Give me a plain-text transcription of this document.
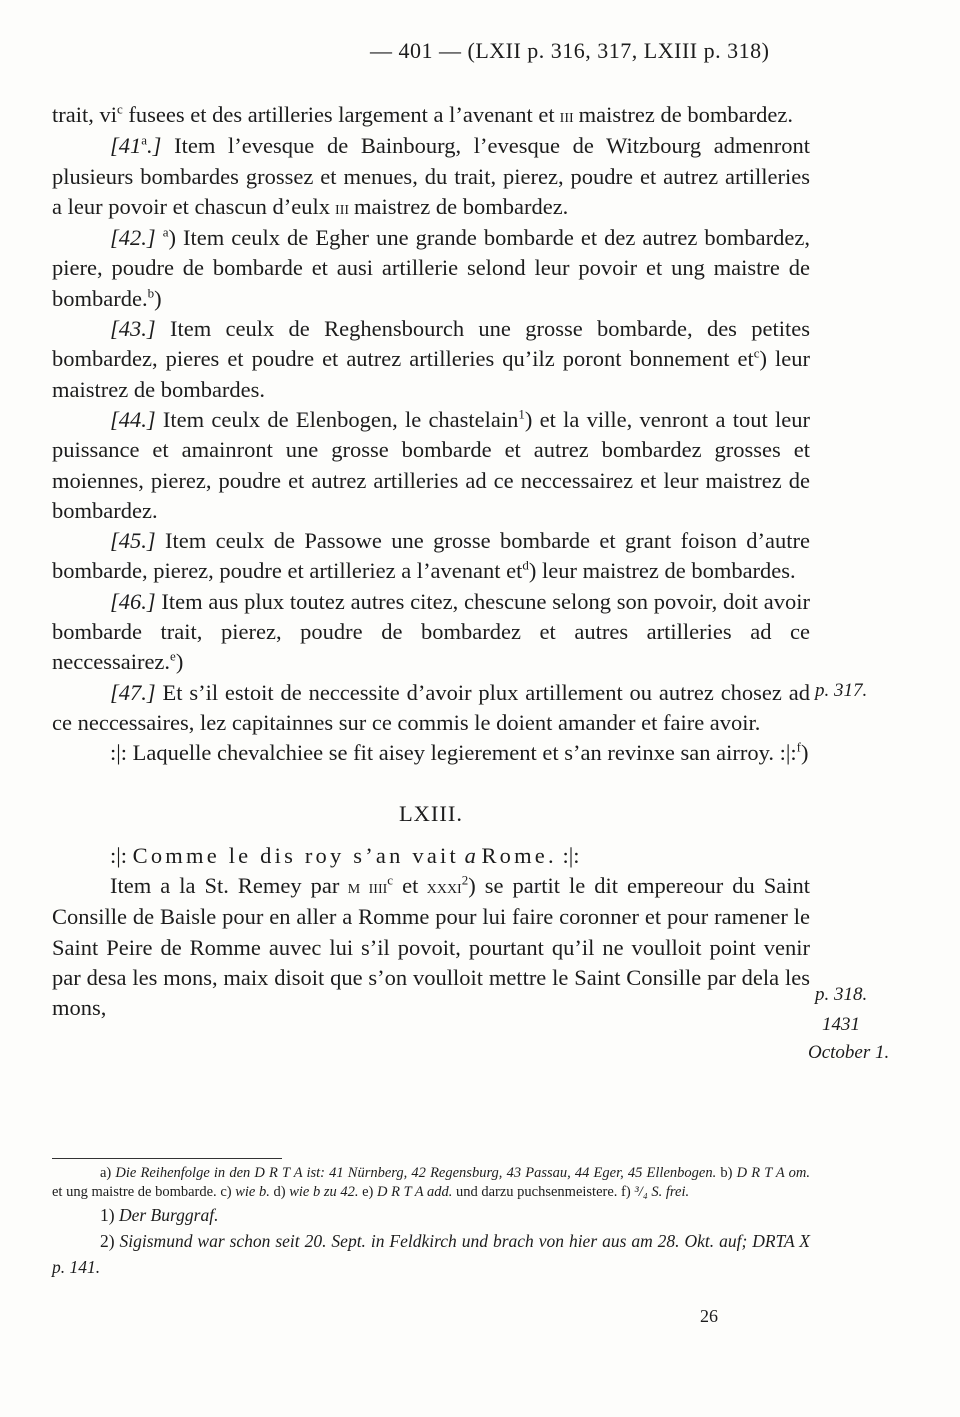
— 401 — (LXII p. 316, 317, LXIII p. 318)

trait, $vi^c$ fusees et des artilleries largement a l’avenant et iii maistrez de bombardez.

[41$^a$.] Item l’evesque de Bainbourg, l’evesque de Witzbourg admenront plusieurs bombardes grossez et menues, du trait, pierez, poudre et autrez artilleries a leur povoir et chascun d’eulx iii maistrez de bombardez.

[42.] $^a$) Item ceulx de Egher une grande bombarde et dez autrez bombardez, piere, poudre de bombarde et ausi artillerie selond leur povoir et ung maistre de bombarde.$^b$)

[43.] Item ceulx de Reghensbourch une grosse bombarde, des petites bombardez, pieres et poudre et autrez artilleries qu’ilz poront bonnement $et^c$) leur maistrez de bombardes.

[44.] Item ceulx de Elenbogen, le chastelain$^1$) et la ville, venront a tout leur puissance et amainront une grosse bombarde et autrez bombardez grosses et moiennes, pierez, poudre et autrez artilleries ad ce neccessairez et leur maistrez de bombardez.

[45.] Item ceulx de Passowe une grosse bombarde et grant foison d’autre bombarde, pierez, poudre et artilleriez a l’avenant $et^d$) leur maistrez de bombardes.

[46.] Item aus plux toutez autres citez, chescune selong son povoir, doit avoir bombarde trait, pierez, poudre de bombardez et autres artilleries ad ce neccessairez.$^e$)

[47.] Et s’il estoit de neccessite d’avoir plux artillement ou autrez chosez ad ce neccessaires, lez capitainnes sur ce commis le doient amander et faire avoir.

:|: Laquelle chevalchiee se fit aisey legierement et s’an revinxe san airroy. :|:$^f$)

LXIII.

:|: Comme le dis roy s’an vait a Rome. :|:

Item a la St. Remey par m iiii$^c$ et xxxi$^2$) se partit le dit empereour du Saint Consille de Baisle pour en aller a Romme pour lui faire coronner et pour ramener le Saint Peire de Romme auvec lui s’il povoit, pourtant qu’il ne voulloit point venir par desa les mons, maix disoit que s’on voulloit mettre le Saint Consille par dela les mons,

p. 317.
p. 318.
1431
October 1.

a) Die Reihenfolge in den D R T A ist: 41 Nürnberg, 42 Regensburg, 43 Passau, 44 Eger, 45 Ellenbogen. b) D R T A om. et ung maistre de bombarde. c) wie b. d) wie b zu 42. e) D R T A add. und darzu puchsenmeistere. f) ³/₄ S. frei.

1) Der Burggraf.

2) Sigismund war schon seit 20. Sept. in Feldkirch und brach von hier aus am 28. Okt. auf; DRTA X p. 141.

26
